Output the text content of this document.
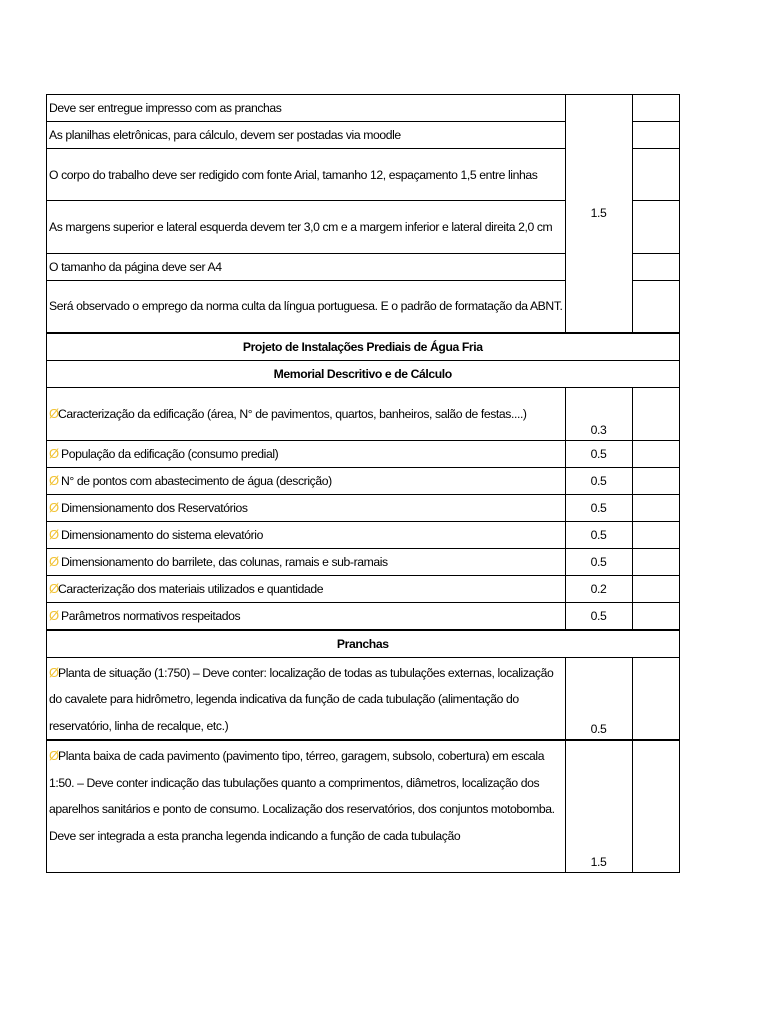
Deve ser entregue impresso com as pranchas	1.5	
As planilhas eletrônicas, para cálculo, devem ser postadas via moodle		
O corpo do trabalho deve ser redigido com fonte Arial, tamanho 12, espaçamento 1,5 entre linhas		
As margens superior e lateral esquerda devem ter 3,0 cm e a margem inferior e lateral direita 2,0 cm		
O tamanho da página deve ser A4		
Será observado o emprego da norma culta da língua portuguesa. E o padrão de formatação da ABNT.		
Projeto de Instalações Prediais de Água Fria		
Memorial Descritivo e de Cálculo		
ØCaracterização da edificação (área, N° de pavimentos, quartos, banheiros, salão de festas....)	0.3	
Ø População da edificação (consumo predial)	0.5	
Ø N° de pontos com abastecimento de água (descrição)	0.5	
Ø Dimensionamento dos Reservatórios	0.5	
Ø Dimensionamento do sistema elevatório	0.5	
Ø Dimensionamento do barrilete, das colunas, ramais e sub-ramais	0.5	
ØCaracterização dos materiais utilizados e quantidade	0.2	
Ø Parâmetros normativos respeitados	0.5	
Pranchas		
ØPlanta de situação (1:750) – Deve conter: localização de todas as tubulações externas, localização do cavalete para hidrômetro, legenda indicativa da função de cada tubulação (alimentação do reservatório, linha de recalque, etc.)	0.5	
ØPlanta baixa de cada pavimento (pavimento tipo, térreo, garagem, subsolo, cobertura) em escala 1:50. – Deve conter indicação das tubulações quanto a comprimentos, diâmetros, localização dos aparelhos sanitários e ponto de consumo. Localização dos reservatórios, dos conjuntos motobomba. Deve ser integrada a esta prancha legenda indicando a função de cada tubulação	1.5	
